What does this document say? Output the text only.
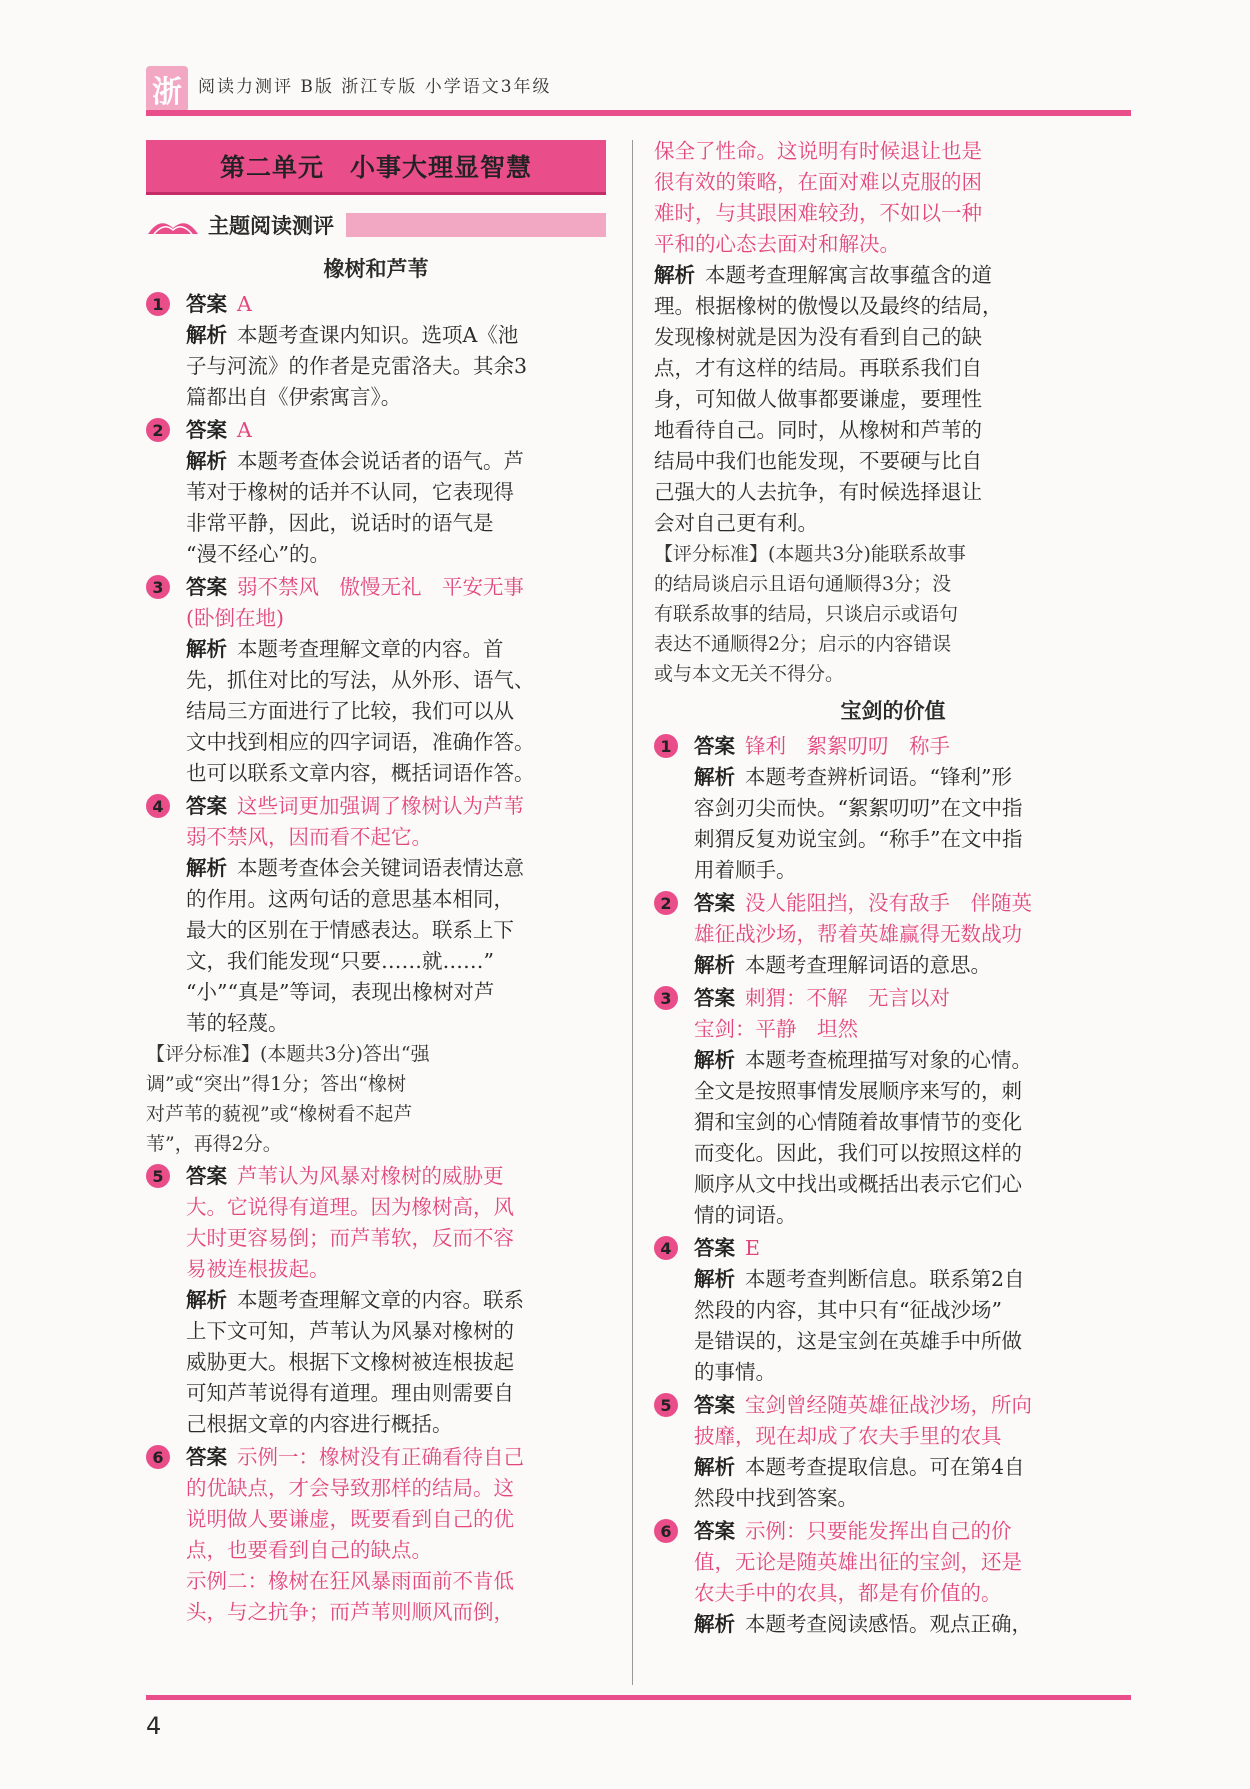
浙 阅读力测评 B版 浙江专版 小学语文3年级
第二单元　小事大理显智慧
主题阅读测评
橡树和芦苇
1	答案 A
解析 本题考查课内知识。选项A《池
子与河流》的作者是克雷洛夫。其余3
篇都出自《伊索寓言》。
2	答案 A
解析 本题考查体会说话者的语气。芦
苇对于橡树的话并不认同，它表现得
非常平静，因此，说话时的语气是
“漫不经心”的。
3	答案 弱不禁风　傲慢无礼　平安无事
(卧倒在地)
解析 本题考查理解文章的内容。首
先，抓住对比的写法，从外形、语气、
结局三方面进行了比较，我们可以从
文中找到相应的四字词语，准确作答。
也可以联系文章内容，概括词语作答。
4	答案 这些词更加强调了橡树认为芦苇
弱不禁风，因而看不起它。
解析 本题考查体会关键词语表情达意
的作用。这两句话的意思基本相同，
最大的区别在于情感表达。联系上下
文，我们能发现“只要……就……”
“小”“真是”等词，表现出橡树对芦
苇的轻蔑。
【评分标准】(本题共3分)答出“强
调”或“突出”得1分；答出“橡树
对芦苇的藐视”或“橡树看不起芦
苇”，再得2分。
5	答案 芦苇认为风暴对橡树的威胁更
大。它说得有道理。因为橡树高，风
大时更容易倒；而芦苇软，反而不容
易被连根拔起。
解析 本题考查理解文章的内容。联系
上下文可知，芦苇认为风暴对橡树的
威胁更大。根据下文橡树被连根拔起
可知芦苇说得有道理。理由则需要自
己根据文章的内容进行概括。
6	答案 示例一：橡树没有正确看待自己
的优缺点，才会导致那样的结局。这
说明做人要谦虚，既要看到自己的优
点，也要看到自己的缺点。
示例二：橡树在狂风暴雨面前不肯低
头，与之抗争；而芦苇则顺风而倒，
保全了性命。这说明有时候退让也是
很有效的策略，在面对难以克服的困
难时，与其跟困难较劲，不如以一种
平和的心态去面对和解决。
解析 本题考查理解寓言故事蕴含的道
理。根据橡树的傲慢以及最终的结局，
发现橡树就是因为没有看到自己的缺
点，才有这样的结局。再联系我们自
身，可知做人做事都要谦虚，要理性
地看待自己。同时，从橡树和芦苇的
结局中我们也能发现，不要硬与比自
己强大的人去抗争，有时候选择退让
会对自己更有利。
【评分标准】(本题共3分)能联系故事
的结局谈启示且语句通顺得3分；没
有联系故事的结局，只谈启示或语句
表达不通顺得2分；启示的内容错误
或与本文无关不得分。
宝剑的价值
1	答案 锋利　絮絮叨叨　称手
解析 本题考查辨析词语。“锋利”形
容剑刃尖而快。“絮絮叨叨”在文中指
刺猬反复劝说宝剑。“称手”在文中指
用着顺手。
2	答案 没人能阻挡，没有敌手　伴随英
雄征战沙场，帮着英雄赢得无数战功
解析 本题考查理解词语的意思。
3	答案 刺猬：不解　无言以对
宝剑：平静　坦然
解析 本题考查梳理描写对象的心情。
全文是按照事情发展顺序来写的，刺
猬和宝剑的心情随着故事情节的变化
而变化。因此，我们可以按照这样的
顺序从文中找出或概括出表示它们心
情的词语。
4	答案 E
解析 本题考查判断信息。联系第2自
然段的内容，其中只有“征战沙场”
是错误的，这是宝剑在英雄手中所做
的事情。
5	答案 宝剑曾经随英雄征战沙场，所向
披靡，现在却成了农夫手里的农具
解析 本题考查提取信息。可在第4自
然段中找到答案。
6	答案 示例：只要能发挥出自己的价
值，无论是随英雄出征的宝剑，还是
农夫手中的农具，都是有价值的。
解析 本题考查阅读感悟。观点正确，
4
